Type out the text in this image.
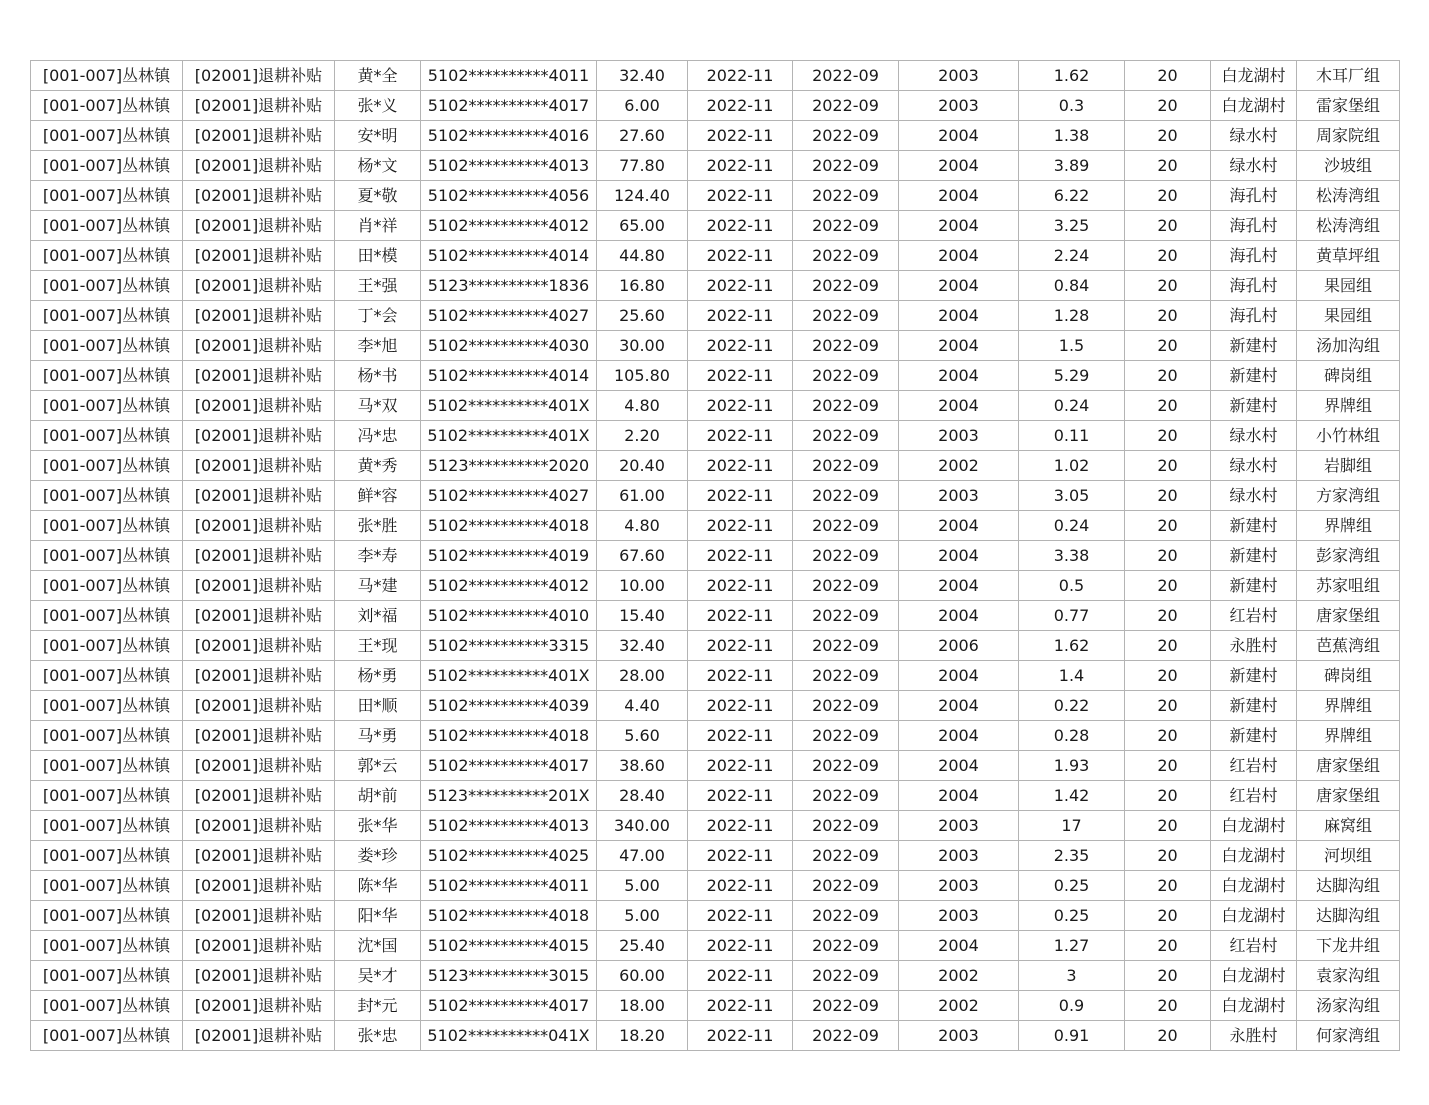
[001-007]丛林镇	[02001]退耕补贴	黄*全	5102**********4011	32.40	2022-11	2022-09	2003	1.62	20	白龙湖村	木耳厂组
[001-007]丛林镇	[02001]退耕补贴	张*义	5102**********4017	6.00	2022-11	2022-09	2003	0.3	20	白龙湖村	雷家堡组
[001-007]丛林镇	[02001]退耕补贴	安*明	5102**********4016	27.60	2022-11	2022-09	2004	1.38	20	绿水村	周家院组
[001-007]丛林镇	[02001]退耕补贴	杨*文	5102**********4013	77.80	2022-11	2022-09	2004	3.89	20	绿水村	沙坡组
[001-007]丛林镇	[02001]退耕补贴	夏*敬	5102**********4056	124.40	2022-11	2022-09	2004	6.22	20	海孔村	松涛湾组
[001-007]丛林镇	[02001]退耕补贴	肖*祥	5102**********4012	65.00	2022-11	2022-09	2004	3.25	20	海孔村	松涛湾组
[001-007]丛林镇	[02001]退耕补贴	田*模	5102**********4014	44.80	2022-11	2022-09	2004	2.24	20	海孔村	黄草坪组
[001-007]丛林镇	[02001]退耕补贴	王*强	5123**********1836	16.80	2022-11	2022-09	2004	0.84	20	海孔村	果园组
[001-007]丛林镇	[02001]退耕补贴	丁*会	5102**********4027	25.60	2022-11	2022-09	2004	1.28	20	海孔村	果园组
[001-007]丛林镇	[02001]退耕补贴	李*旭	5102**********4030	30.00	2022-11	2022-09	2004	1.5	20	新建村	汤加沟组
[001-007]丛林镇	[02001]退耕补贴	杨*书	5102**********4014	105.80	2022-11	2022-09	2004	5.29	20	新建村	碑岗组
[001-007]丛林镇	[02001]退耕补贴	马*双	5102**********401X	4.80	2022-11	2022-09	2004	0.24	20	新建村	界牌组
[001-007]丛林镇	[02001]退耕补贴	冯*忠	5102**********401X	2.20	2022-11	2022-09	2003	0.11	20	绿水村	小竹林组
[001-007]丛林镇	[02001]退耕补贴	黄*秀	5123**********2020	20.40	2022-11	2022-09	2002	1.02	20	绿水村	岩脚组
[001-007]丛林镇	[02001]退耕补贴	鲜*容	5102**********4027	61.00	2022-11	2022-09	2003	3.05	20	绿水村	方家湾组
[001-007]丛林镇	[02001]退耕补贴	张*胜	5102**********4018	4.80	2022-11	2022-09	2004	0.24	20	新建村	界牌组
[001-007]丛林镇	[02001]退耕补贴	李*寿	5102**********4019	67.60	2022-11	2022-09	2004	3.38	20	新建村	彭家湾组
[001-007]丛林镇	[02001]退耕补贴	马*建	5102**********4012	10.00	2022-11	2022-09	2004	0.5	20	新建村	苏家咀组
[001-007]丛林镇	[02001]退耕补贴	刘*福	5102**********4010	15.40	2022-11	2022-09	2004	0.77	20	红岩村	唐家堡组
[001-007]丛林镇	[02001]退耕补贴	王*现	5102**********3315	32.40	2022-11	2022-09	2006	1.62	20	永胜村	芭蕉湾组
[001-007]丛林镇	[02001]退耕补贴	杨*勇	5102**********401X	28.00	2022-11	2022-09	2004	1.4	20	新建村	碑岗组
[001-007]丛林镇	[02001]退耕补贴	田*顺	5102**********4039	4.40	2022-11	2022-09	2004	0.22	20	新建村	界牌组
[001-007]丛林镇	[02001]退耕补贴	马*勇	5102**********4018	5.60	2022-11	2022-09	2004	0.28	20	新建村	界牌组
[001-007]丛林镇	[02001]退耕补贴	郭*云	5102**********4017	38.60	2022-11	2022-09	2004	1.93	20	红岩村	唐家堡组
[001-007]丛林镇	[02001]退耕补贴	胡*前	5123**********201X	28.40	2022-11	2022-09	2004	1.42	20	红岩村	唐家堡组
[001-007]丛林镇	[02001]退耕补贴	张*华	5102**********4013	340.00	2022-11	2022-09	2003	17	20	白龙湖村	麻窝组
[001-007]丛林镇	[02001]退耕补贴	娄*珍	5102**********4025	47.00	2022-11	2022-09	2003	2.35	20	白龙湖村	河坝组
[001-007]丛林镇	[02001]退耕补贴	陈*华	5102**********4011	5.00	2022-11	2022-09	2003	0.25	20	白龙湖村	达脚沟组
[001-007]丛林镇	[02001]退耕补贴	阳*华	5102**********4018	5.00	2022-11	2022-09	2003	0.25	20	白龙湖村	达脚沟组
[001-007]丛林镇	[02001]退耕补贴	沈*国	5102**********4015	25.40	2022-11	2022-09	2004	1.27	20	红岩村	下龙井组
[001-007]丛林镇	[02001]退耕补贴	吴*才	5123**********3015	60.00	2022-11	2022-09	2002	3	20	白龙湖村	袁家沟组
[001-007]丛林镇	[02001]退耕补贴	封*元	5102**********4017	18.00	2022-11	2022-09	2002	0.9	20	白龙湖村	汤家沟组
[001-007]丛林镇	[02001]退耕补贴	张*忠	5102**********041X	18.20	2022-11	2022-09	2003	0.91	20	永胜村	何家湾组
